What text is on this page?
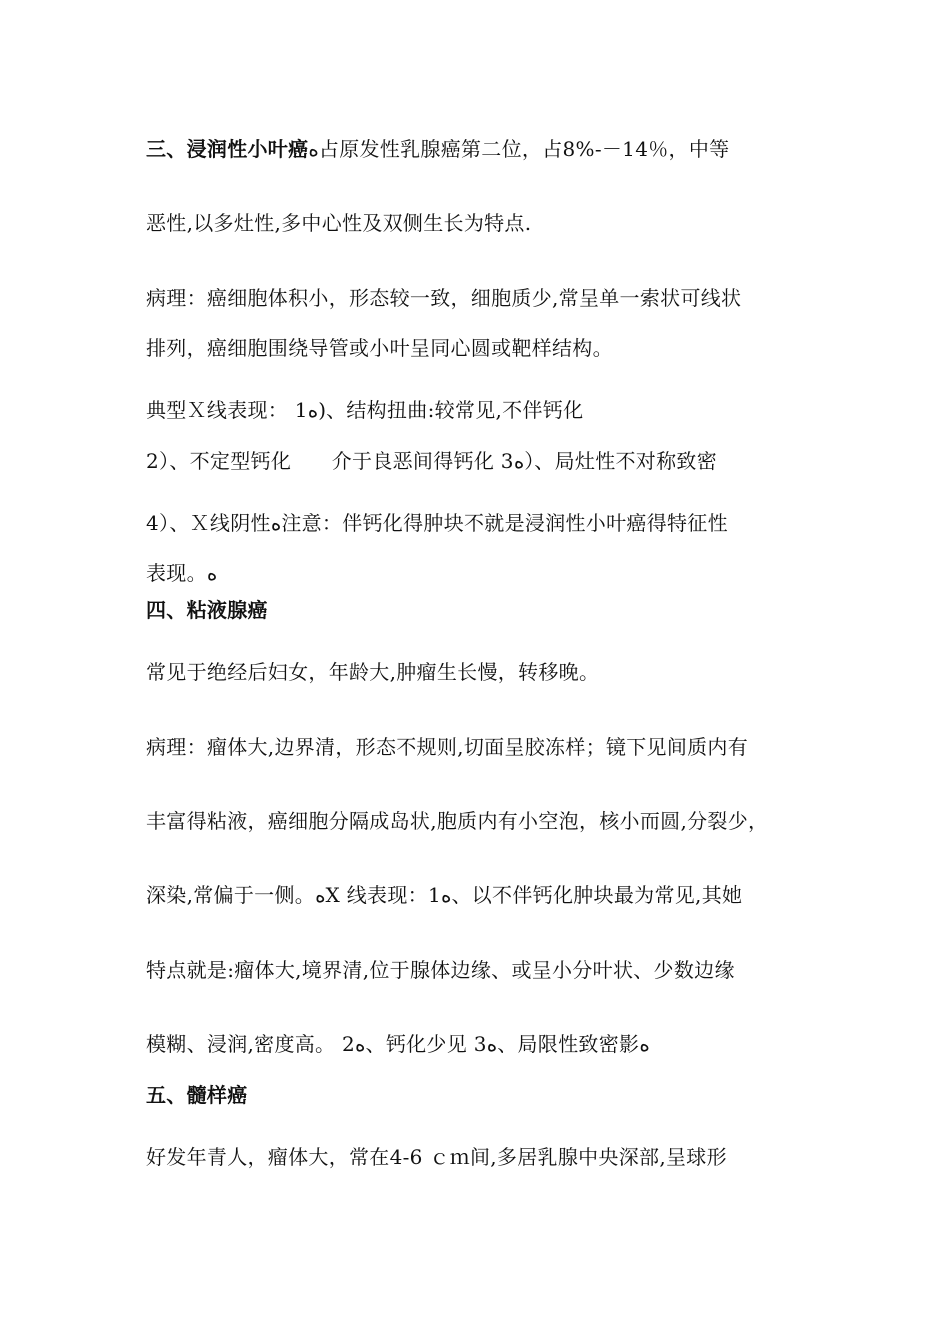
三、浸润性小叶癌ﻩ占原发性乳腺癌第二位，占8%-－14％，中等
恶性,以多灶性,多中心性及双侧生长为特点.
病理：癌细胞体积小，形态较一致，细胞质少,常呈单一索状可线状
排列，癌细胞围绕导管或小叶呈同心圆或靶样结构。
典型Ｘ线表现： 1ﻩ)、结构扭曲:较常见,不伴钙化
2）、不定型钙化　　介于良恶间得钙化 3ﻩ）、局灶性不对称致密
4）、Ｘ线阴性ﻩ注意：伴钙化得肿块不就是浸润性小叶癌得特征性
表现。ﻩ
四、粘液腺癌
常见于绝经后妇女，年龄大,肿瘤生长慢，转移晚。
病理：瘤体大,边界清，形态不规则,切面呈胶冻样；镜下见间质内有
丰富得粘液，癌细胞分隔成岛状,胞质内有小空泡，核小而圆,分裂少，
深染,常偏于一侧。ﻩX 线表现：1ﻩ、以不伴钙化肿块最为常见,其她
特点就是:瘤体大,境界清,位于腺体边缘、或呈小分叶状、少数边缘
模糊、浸润,密度高。 2ﻩ、钙化少见 3ﻩ、局限性致密影ﻩ
五、髓样癌
好发年青人，瘤体大，常在4-6 ｃｍ间,多居乳腺中央深部,呈球形
